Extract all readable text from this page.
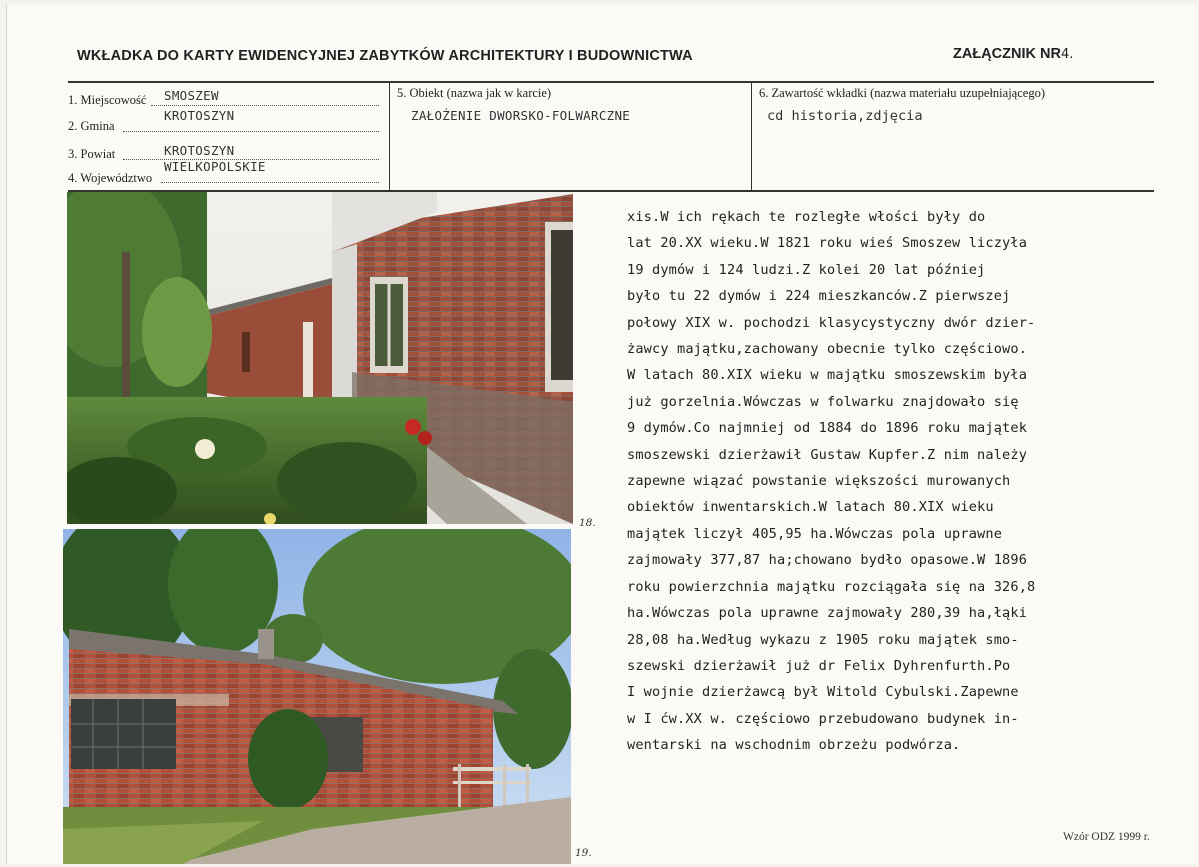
WKŁADKA DO KARTY EWIDENCYJNEJ ZABYTKÓW ARCHITEKTURY I BUDOWNICTWA	ZAŁĄCZNIK NR4.
1. Miejscowość SMOSZEW
2. Gmina
KROTOSZYN
3. Powiat	KROTOSZYN
4. Województwo
WIELKOPOLSKIE
5. Obiekt (nazwa jak w karcie)
ZAŁOŻENIE DWORSKO-FOLWARCZNE
6. Zawartość wkładki (nazwa materiału uzupełniającego)
cd historia,zdjęcia
18.
19.
xis.W ich rękach te rozległe włości były do
lat 20.XX wieku.W 1821 roku wieś Smoszew liczyła
19 dymów i 124 ludzi.Z kolei 20 lat później
było tu 22 dymów i 224 mieszkanców.Z pierwszej
połowy XIX w. pochodzi klasycystyczny dwór dzier-
żawcy majątku,zachowany obecnie tylko częściowo.
W latach 80.XIX wieku w majątku smoszewskim była
już gorzelnia.Wówczas w folwarku znajdowało się
9 dymów.Co najmniej od 1884 do 1896 roku majątek
smoszewski dzierżawił Gustaw Kupfer.Z nim należy
zapewne wiązać powstanie większości murowanych
obiektów inwentarskich.W latach 80.XIX wieku
majątek liczył 405,95 ha.Wówczas pola uprawne
zajmowały 377,87 ha;chowano bydło opasowe.W 1896
roku powierzchnia majątku rozciągała się na 326,8
ha.Wówczas pola uprawne zajmowały 280,39 ha,łąki
28,08 ha.Według wykazu z 1905 roku majątek smo-
szewski dzierżawił już dr Felix Dyhrenfurth.Po
I wojnie dzierżawcą był Witold Cybulski.Zapewne
w I ćw.XX w. częściowo przebudowano budynek in-
wentarski na wschodnim obrzeżu podwórza.
Wzór ODZ 1999 r.
